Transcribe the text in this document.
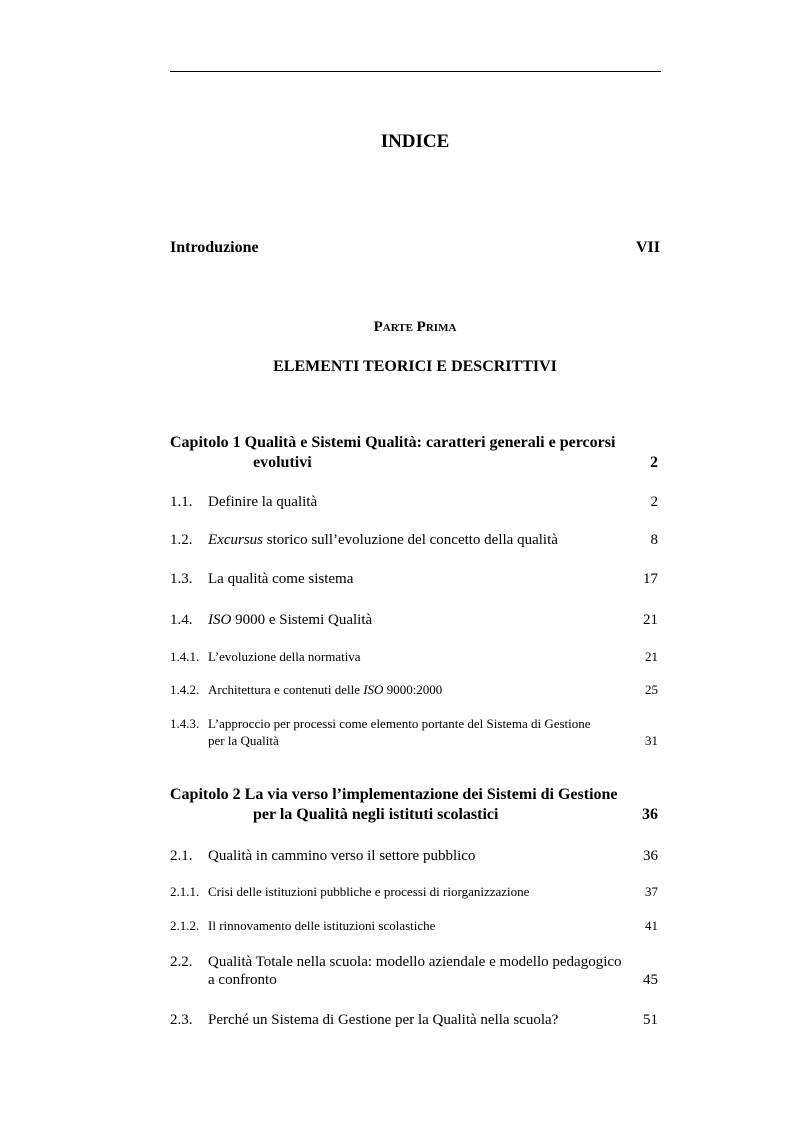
INDICE
Introduzione	VII
Parte Prima
ELEMENTI TEORICI E DESCRITTIVI
Capitolo 1 Qualità e Sistemi Qualità: caratteri generali e percorsi
evolutivi	2
1.1. Definire la qualità	2
1.2. Excursus storico sull’evoluzione del concetto della qualità	8
1.3. La qualità come sistema	17
1.4. ISO 9000 e Sistemi Qualità	21
1.4.1. L’evoluzione della normativa	21
1.4.2. Architettura e contenuti delle ISO 9000:2000	25
1.4.3. L’approccio per processi come elemento portante del Sistema di Gestione
per la Qualità	31
Capitolo 2 La via verso l’implementazione dei Sistemi di Gestione
per la Qualità negli istituti scolastici	36
2.1. Qualità in cammino verso il settore pubblico	36
2.1.1. Crisi delle istituzioni pubbliche e processi di riorganizzazione	37
2.1.2. Il rinnovamento delle istituzioni scolastiche	41
2.2. Qualità Totale nella scuola: modello aziendale e modello pedagogico
a confronto	45
2.3. Perché un Sistema di Gestione per la Qualità nella scuola?	51
